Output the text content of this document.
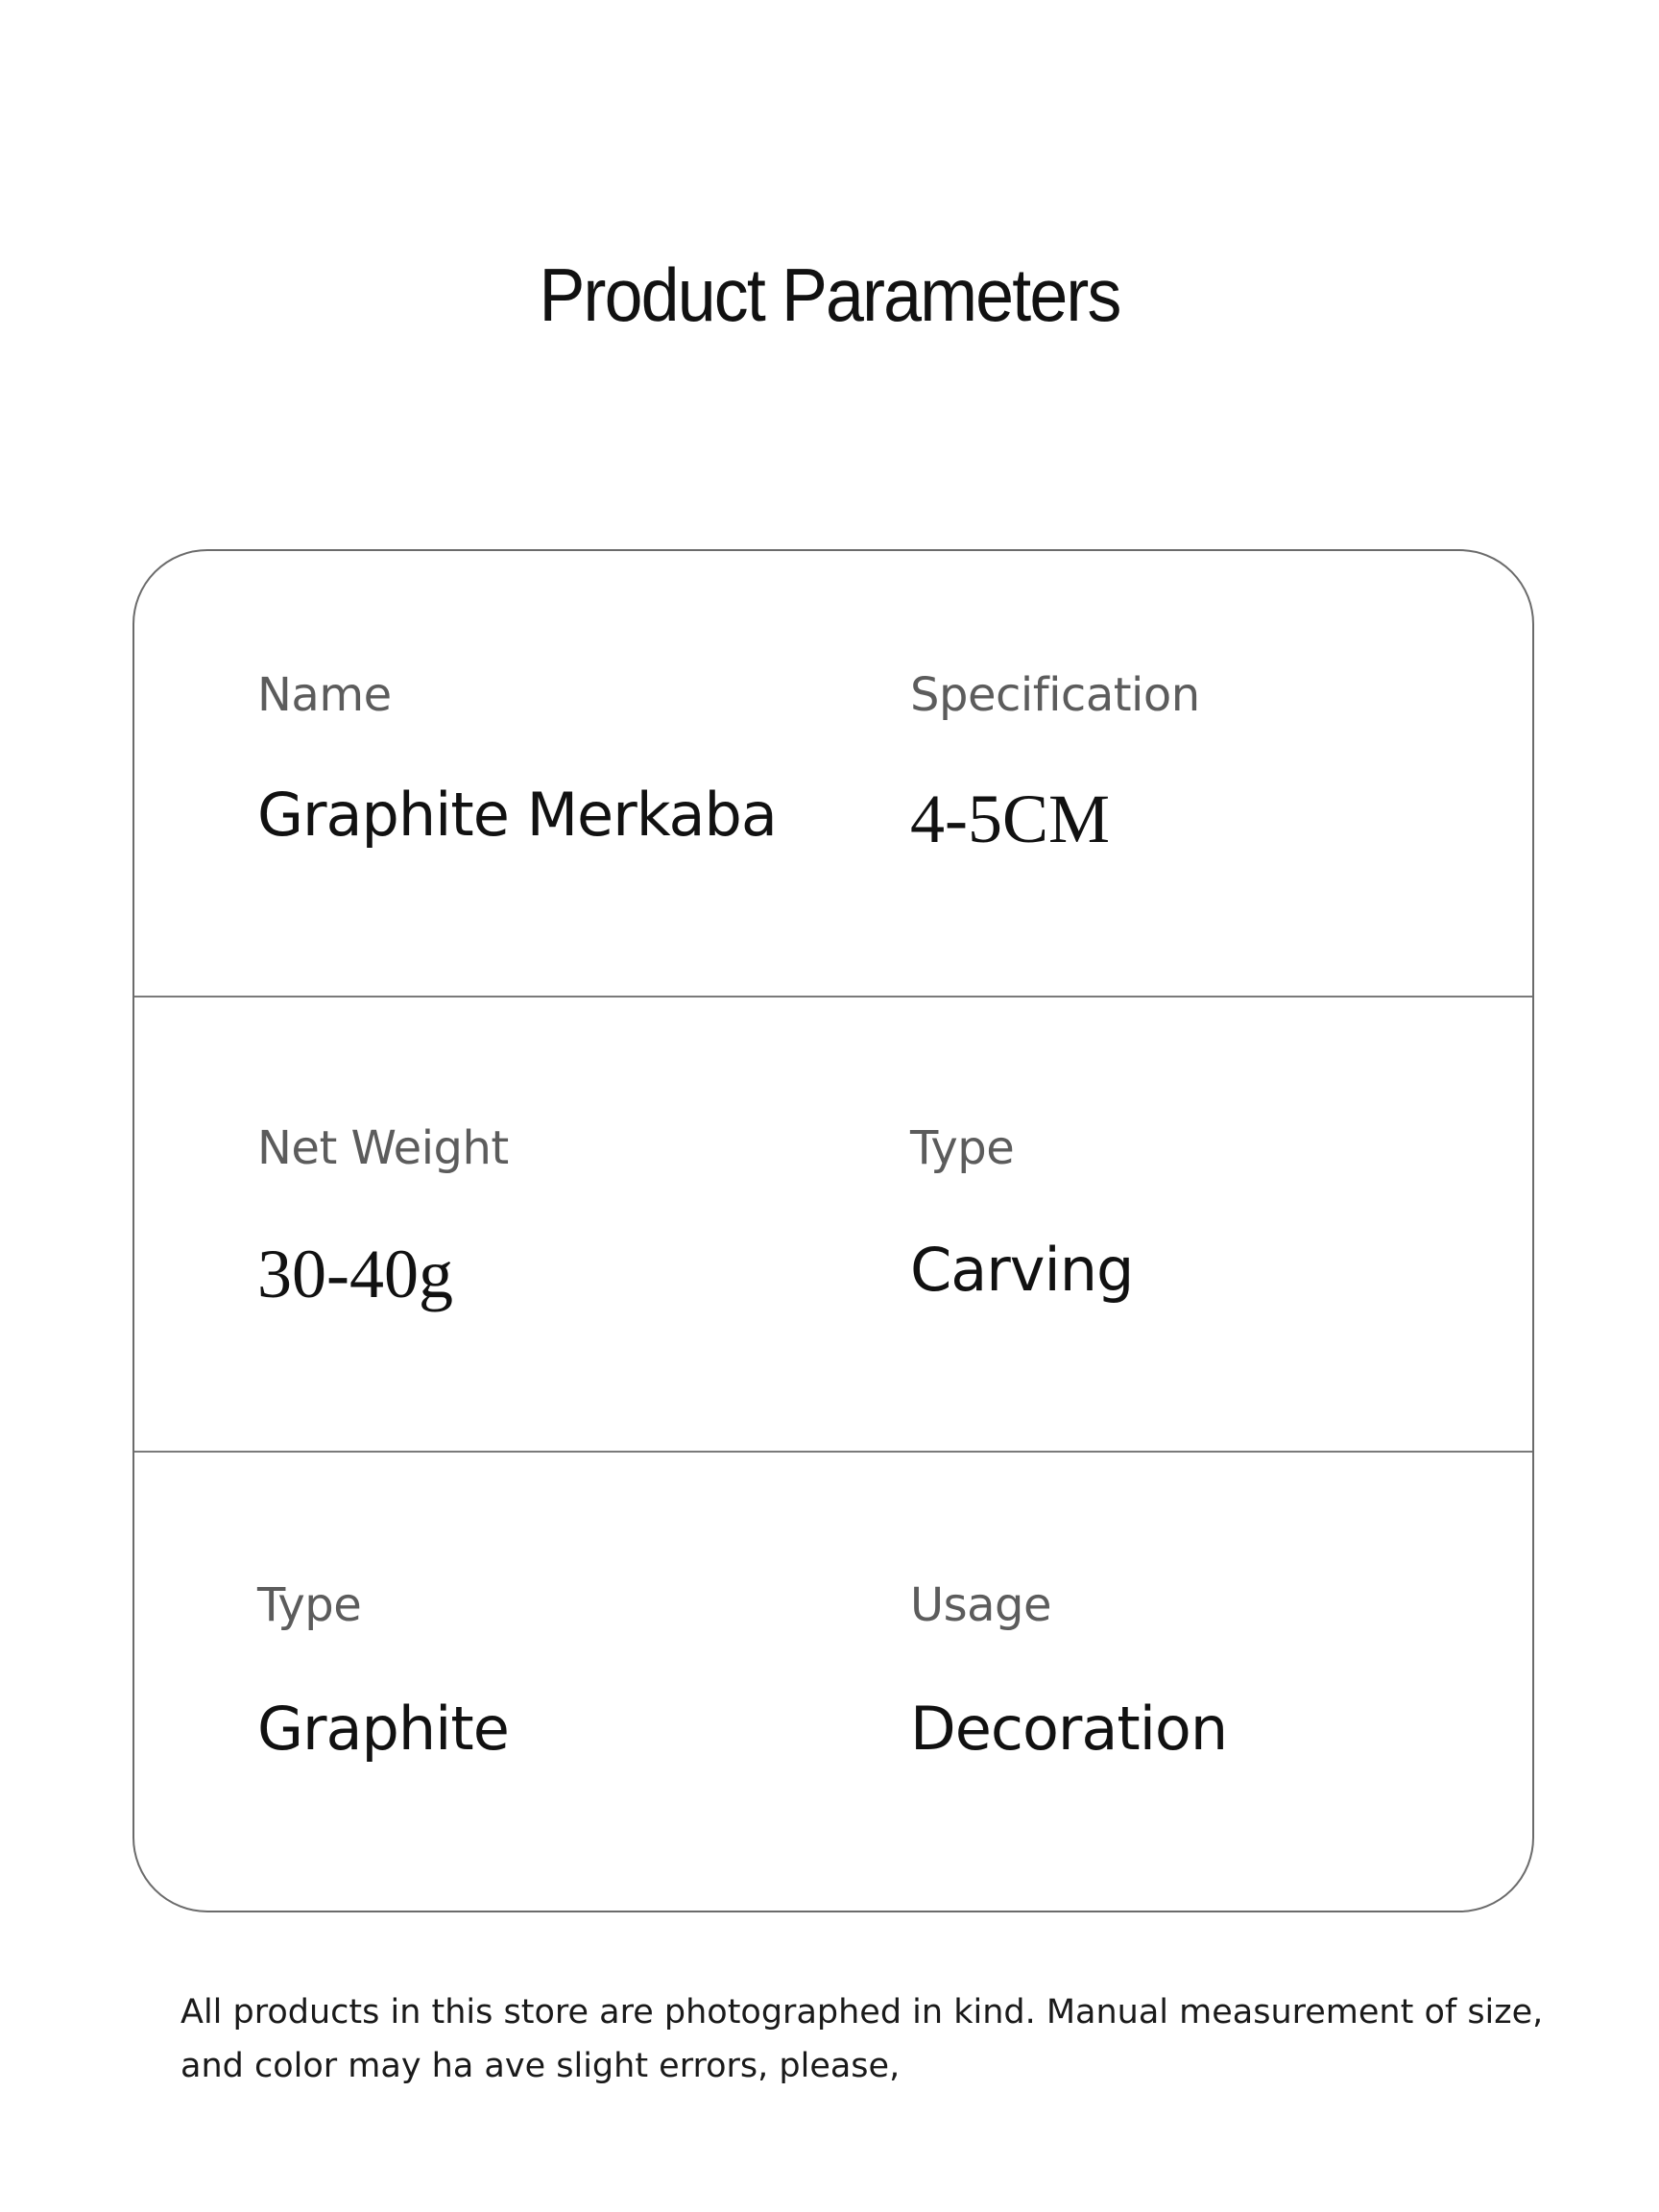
Product Parameters
Name
Graphite Merkaba
Specification
4-5CM
Net Weight
30-40g
Type
Carving
Type
Graphite
Usage
Decoration
All products in this store are photographed in kind. Manual measurement of size,
and color may ha ave slight errors, please,
